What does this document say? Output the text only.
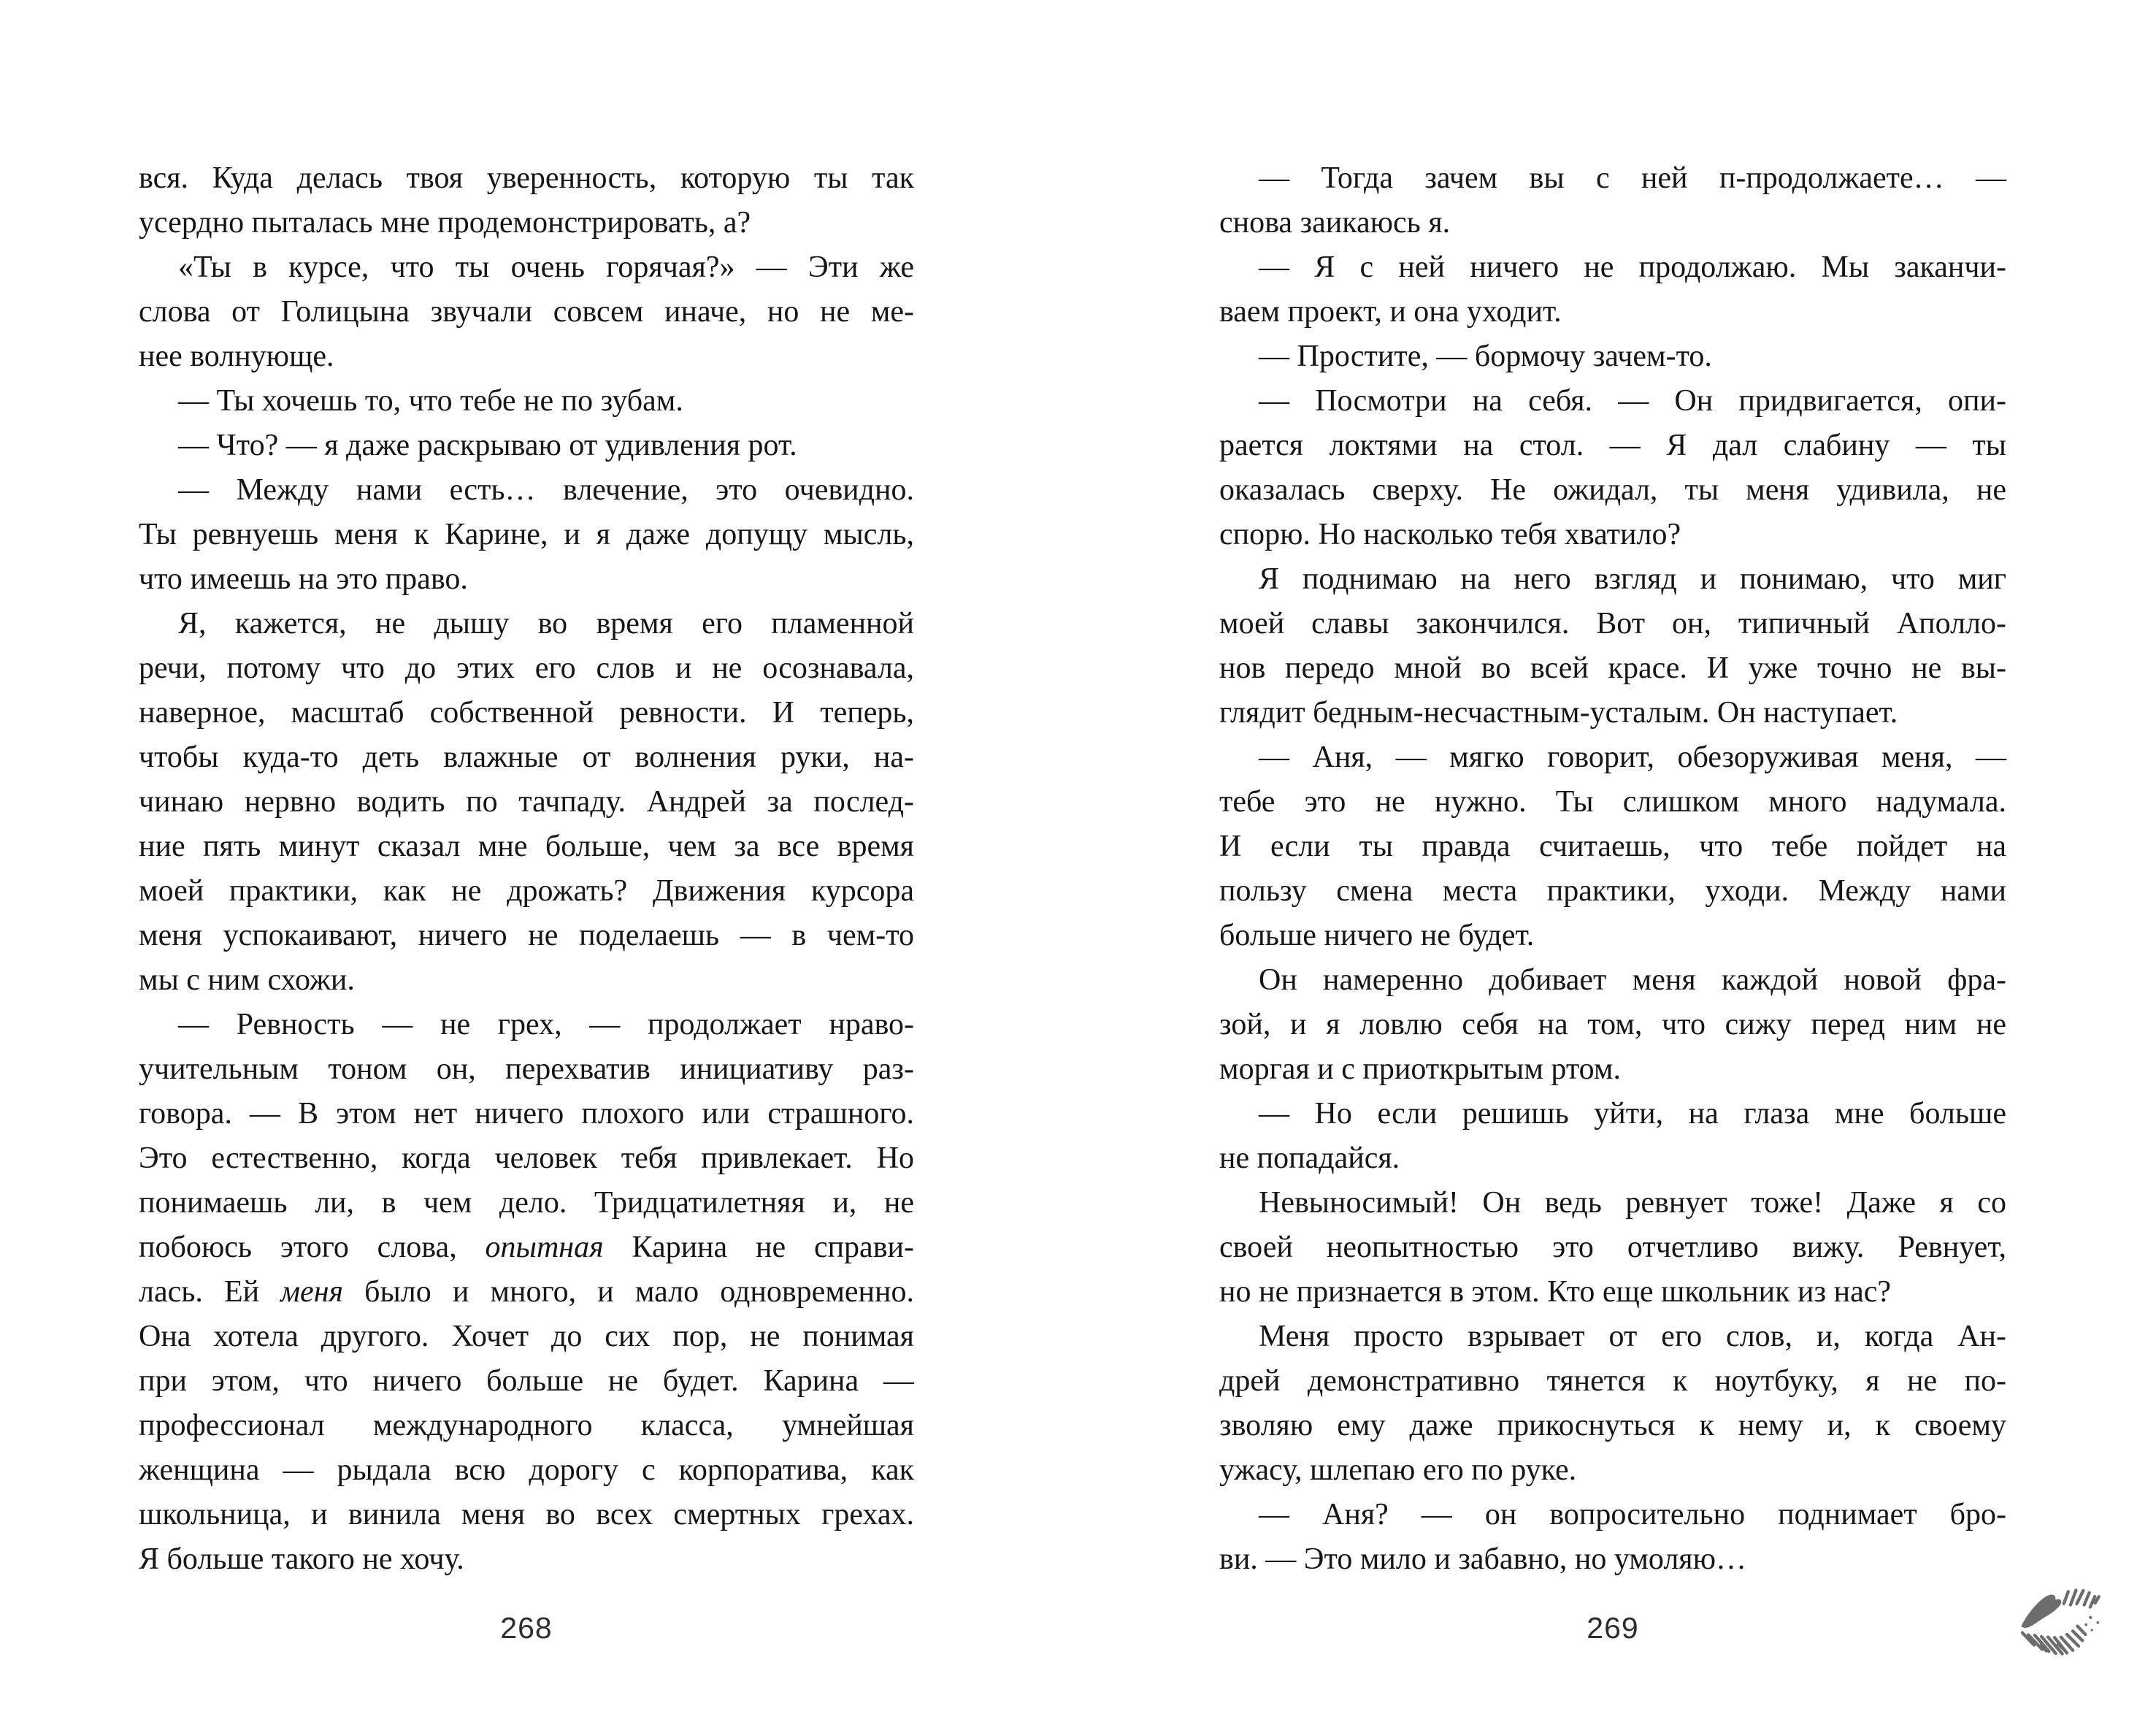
вся. Куда делась твоя уверенность, которую ты так
усердно пыталась мне продемонстрировать, а?
«Ты в курсе, что ты очень горячая?» — Эти же
слова от Голицына звучали совсем иначе, но не ме-
нее волнующе.
— Ты хочешь то, что тебе не по зубам.
— Что? — я даже раскрываю от удивления рот.
— Между нами есть… влечение, это очевидно.
Ты ревнуешь меня к Карине, и я даже допущу мысль,
что имеешь на это право.
Я, кажется, не дышу во время его пламенной
речи, потому что до этих его слов и не осознавала,
наверное, масштаб собственной ревности. И теперь,
чтобы куда-то деть влажные от волнения руки, на-
чинаю нервно водить по тачпаду. Андрей за послед-
ние пять минут сказал мне больше, чем за все время
моей практики, как не дрожать? Движения курсора
меня успокаивают, ничего не поделаешь — в чем-то
мы с ним схожи.
— Ревность — не грех, — продолжает нраво-
учительным тоном он, перехватив инициативу раз-
говора. — В этом нет ничего плохого или страшного.
Это естественно, когда человек тебя привлекает. Но
понимаешь ли, в чем дело. Тридцатилетняя и, не
побоюсь этого слова, опытная Карина не справи-
лась. Ей меня было и много, и мало одновременно.
Она хотела другого. Хочет до сих пор, не понимая
при этом, что ничего больше не будет. Карина —
профессионал международного класса, умнейшая
женщина — рыдала всю дорогу с корпоратива, как
школьница, и винила меня во всех смертных грехах.
Я больше такого не хочу.
268
— Тогда зачем вы с ней п-продолжаете… —
снова заикаюсь я.
— Я с ней ничего не продолжаю. Мы заканчи-
ваем проект, и она уходит.
— Простите, — бормочу зачем-то.
— Посмотри на себя. — Он придвигается, опи-
рается локтями на стол. — Я дал слабину — ты
оказалась сверху. Не ожидал, ты меня удивила, не
спорю. Но насколько тебя хватило?
Я поднимаю на него взгляд и понимаю, что миг
моей славы закончился. Вот он, типичный Аполло-
нов передо мной во всей красе. И уже точно не вы-
глядит бедным-несчастным-усталым. Он наступает.
— Аня, — мягко говорит, обезоруживая меня, —
тебе это не нужно. Ты слишком много надумала.
И если ты правда считаешь, что тебе пойдет на
пользу смена места практики, уходи. Между нами
больше ничего не будет.
Он намеренно добивает меня каждой новой фра-
зой, и я ловлю себя на том, что сижу перед ним не
моргая и с приоткрытым ртом.
— Но если решишь уйти, на глаза мне больше
не попадайся.
Невыносимый! Он ведь ревнует тоже! Даже я со
своей неопытностью это отчетливо вижу. Ревнует,
но не признается в этом. Кто еще школьник из нас?
Меня просто взрывает от его слов, и, когда Ан-
дрей демонстративно тянется к ноутбуку, я не по-
зволяю ему даже прикоснуться к нему и, к своему
ужасу, шлепаю его по руке.
— Аня? — он вопросительно поднимает бро-
ви. — Это мило и забавно, но умоляю…
269
